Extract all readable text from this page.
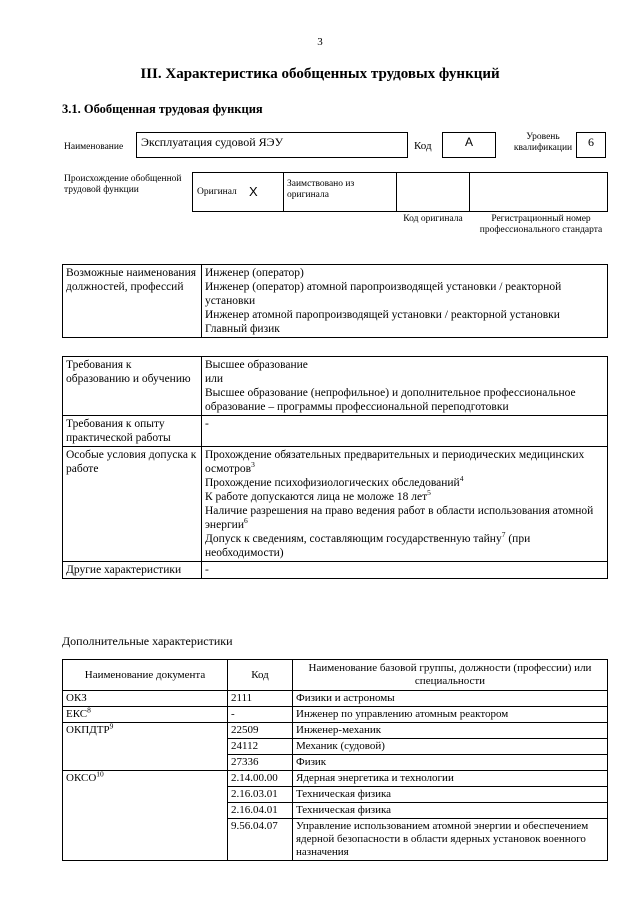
3
III. Характеристика обобщенных трудовых функций
3.1. Обобщенная трудовая функция
Наименование	Эксплуатация судовой ЯЭУ	Код	A	Уровень квалификации	6
Происхождение обобщенной трудовой функции	Оригинал X	Заимствовано из оригинала
Код оригинала	Регистрационный номер профессионального стандарта
Возможные наименования должностей, профессий	
Инженер (оператор)
Инженер (оператор) атомной паропроизводящей установки / реакторной установки
Инженер атомной паропроизводящей установки / реакторной установки
Главный физик
Требования к образованию и обучению	Высшее образование
или
Высшее образование (непрофильное) и дополнительное профессиональное образование – программы профессиональной переподготовки

Требования к опыту практической работы	-
Особые условия допуска к работе	Прохождение обязательных предварительных и периодических медицинских осмотров$^3$
Прохождение психофизиологических обследований$^4$
К работе допускаются лица не моложе 18 лет$^5$
Наличие разрешения на право ведения работ в области использования атомной энергии$^6$
Допуск к сведениям, составляющим государственную тайну$^7$ (при необходимости)

Другие характеристики	-
Дополнительные характеристики
Наименование документа	Код	Наименование базовой группы, должности (профессии) или специальности
ОКЗ	2111	Физики и астрономы
ЕКС$^8$	-	Инженер по управлению атомным реактором
ОКПДТР$^9$	22509	Инженер-механик
	24112	Механик (судовой)
	27336	Физик
ОКСО$^{10}$	2.14.00.00	Ядерная энергетика и технологии
	2.16.03.01	Техническая физика
	2.16.04.01	Техническая физика
	9.56.04.07	Управление использованием атомной энергии и обеспечением ядерной безопасности в области ядерных установок военного назначения
